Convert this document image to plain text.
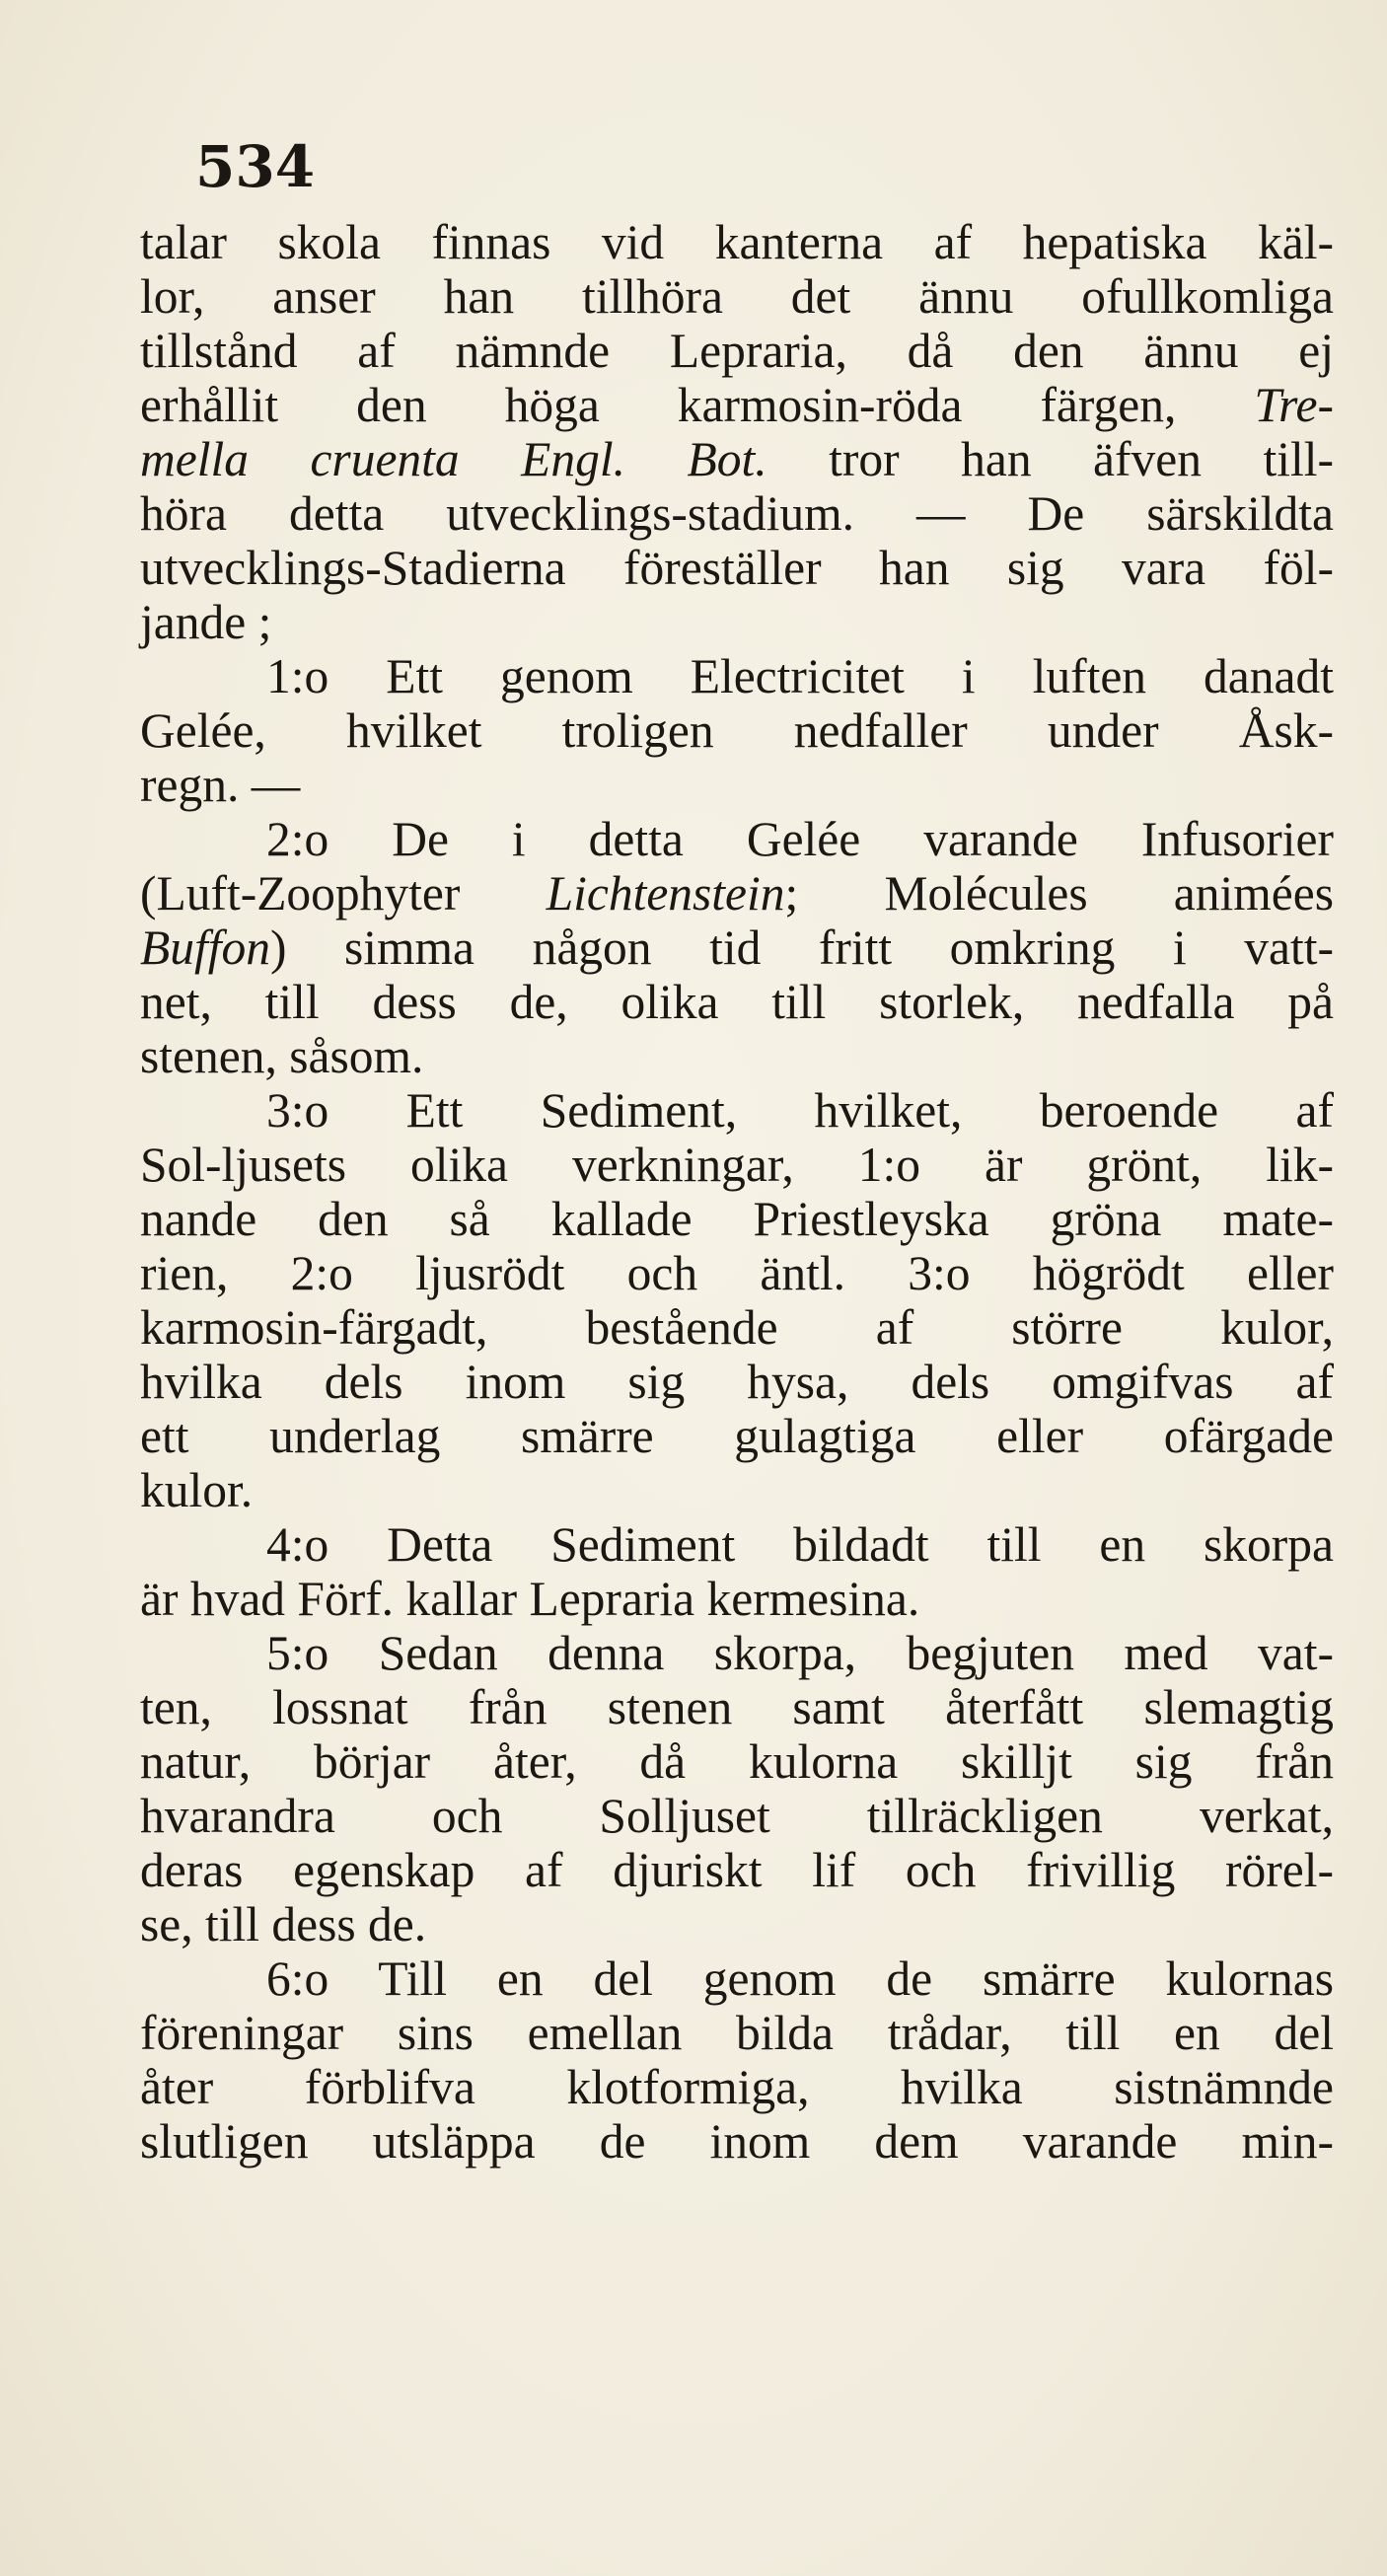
534
talar skola finnas vid kanterna af hepatiska käl-
lor, anser han tillhöra det ännu ofullkomliga
tillstånd af nämnde Lepraria, då den ännu ej
erhållit den höga karmosin-röda färgen, Tre-
mella cruenta Engl. Bot. tror han äfven till-
höra detta utvecklings-stadium. — De särskildta
utvecklings-Stadierna föreställer han sig vara föl-
jande ;
1:o Ett genom Electricitet i luften danadt
Gelée, hvilket troligen nedfaller under Åsk-
regn. —
2:o De i detta Gelée varande Infusorier
(Luft-Zoophyter Lichtenstein; Molécules animées
Buffon) simma någon tid fritt omkring i vatt-
net, till dess de, olika till storlek, nedfalla på
stenen, såsom.
3:o Ett Sediment, hvilket, beroende af
Sol-ljusets olika verkningar, 1:o är grönt, lik-
nande den så kallade Priestleyska gröna mate-
rien, 2:o ljusrödt och äntl. 3:o högrödt eller
karmosin-färgadt, bestående af större kulor,
hvilka dels inom sig hysa, dels omgifvas af
ett underlag smärre gulagtiga eller ofärgade
kulor.
4:o Detta Sediment bildadt till en skorpa
är hvad Förf. kallar Lepraria kermesina.
5:o Sedan denna skorpa, begjuten med vat-
ten, lossnat från stenen samt återfått slemagtig
natur, börjar åter, då kulorna skilljt sig från
hvarandra och Solljuset tillräckligen verkat,
deras egenskap af djuriskt lif och frivillig rörel-
se, till dess de.
6:o Till en del genom de smärre kulornas
föreningar sins emellan bilda trådar, till en del
åter förblifva klotformiga, hvilka sistnämnde
slutligen utsläppa de inom dem varande min-
